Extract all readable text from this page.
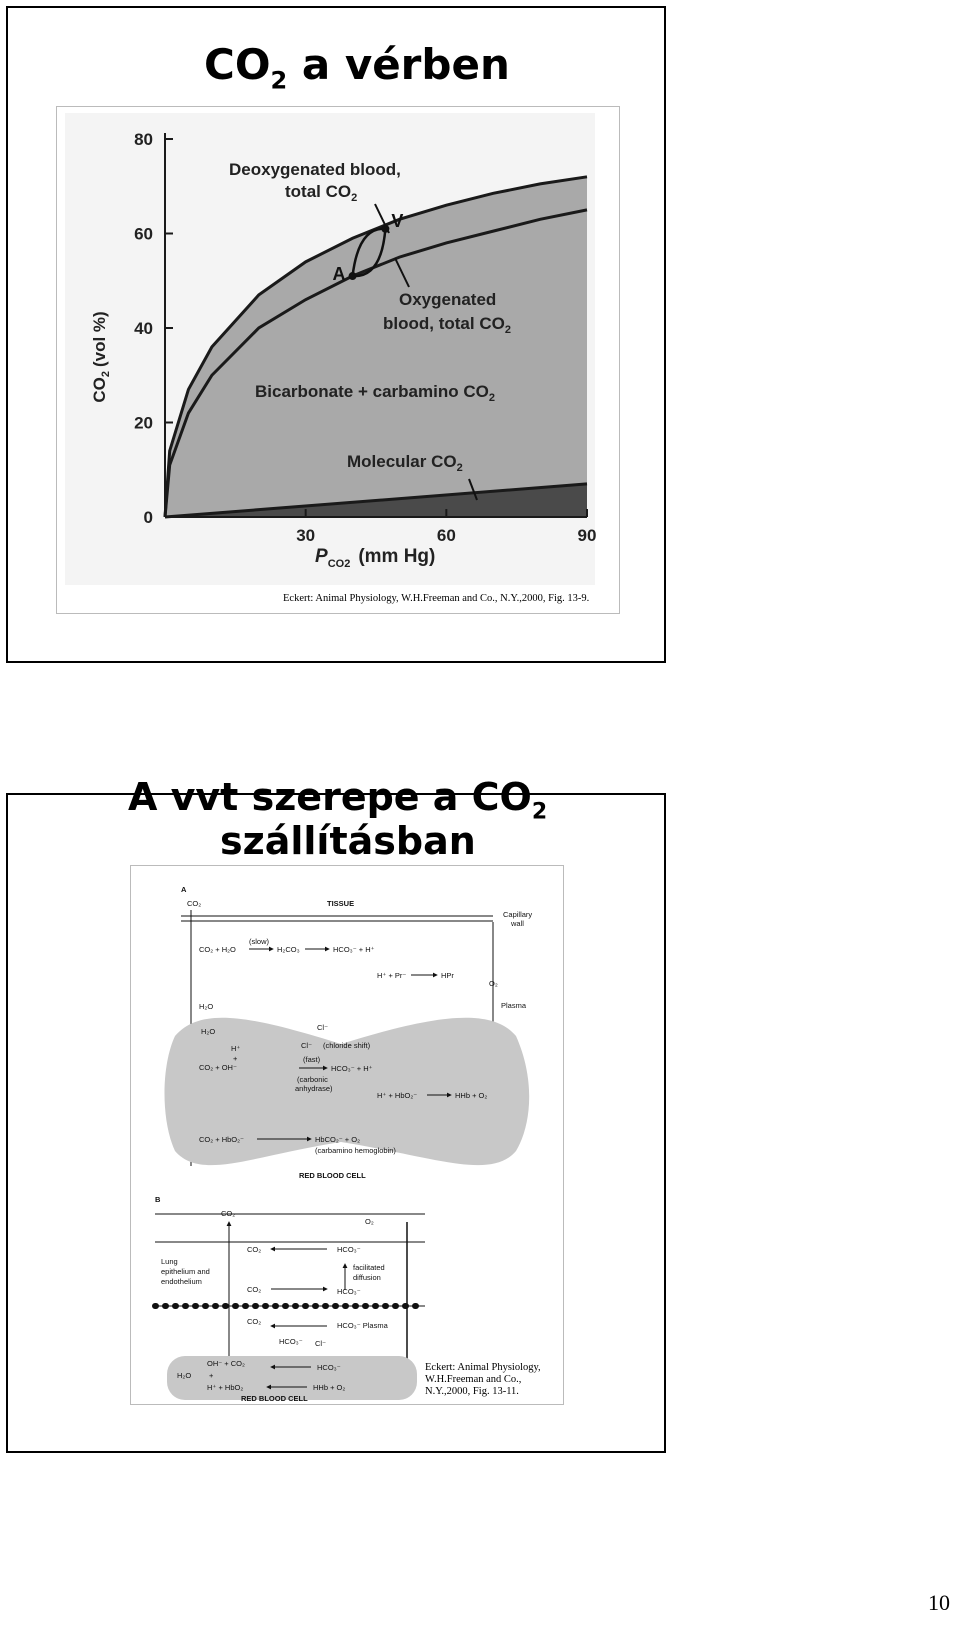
$CO_2$ a vérben
0
20
40
60
80
30	60	90
$CO_2(vol$ %)
$P_{CO2}$ (mm Hg)
Deoxygenated blood, total $CO_2$
Oxygenated blood, total $CO_2$
Bicarbonate + carbamino $CO_2$
Molecular $CO_2$
A
V
Eckert: Animal Physiology, W.H.Freeman and Co., N.Y.,2000, Fig. 13-9.
A vvt szerepe a $CO_2$
szállításban
A
CO₂	TISSUE
Capillary
wall
(slow)
CO₂ + H₂O	H₂CO₃	HCO₃⁻ + H⁺
H⁺ + Pr⁻	HPr
O₂
H₂O	Plasma
H₂O
H⁺
+
Cl⁻
Cl⁻ (chloride shift)
CO₂ + OH⁻
(fast)
HCO₃⁻ + H⁺
(carbonic
anhydrase)
H⁺ + HbO₂⁻	HHb + O₂
CO₂ + HbO₂⁻	HbCO₂⁻ + O₂
(carbamino hemoglobin)
RED BLOOD CELL
B
CO₂
O₂
Lung
epithelium and
endothelium
CO₂	HCO₃⁻
facilitated
diffusion
CO₂	HCO₃⁻
CO₂	HCO₃⁻ Plasma
HCO₃⁻ Cl⁻
H₂O
OH⁻ + CO₂
+
HCO₃⁻
H⁺ + HbO₂	HHb + O₂
RED BLOOD CELL
Eckert: Animal Physiology,
W.H.Freeman and Co.,
N.Y.,2000, Fig. 13-11.
10
